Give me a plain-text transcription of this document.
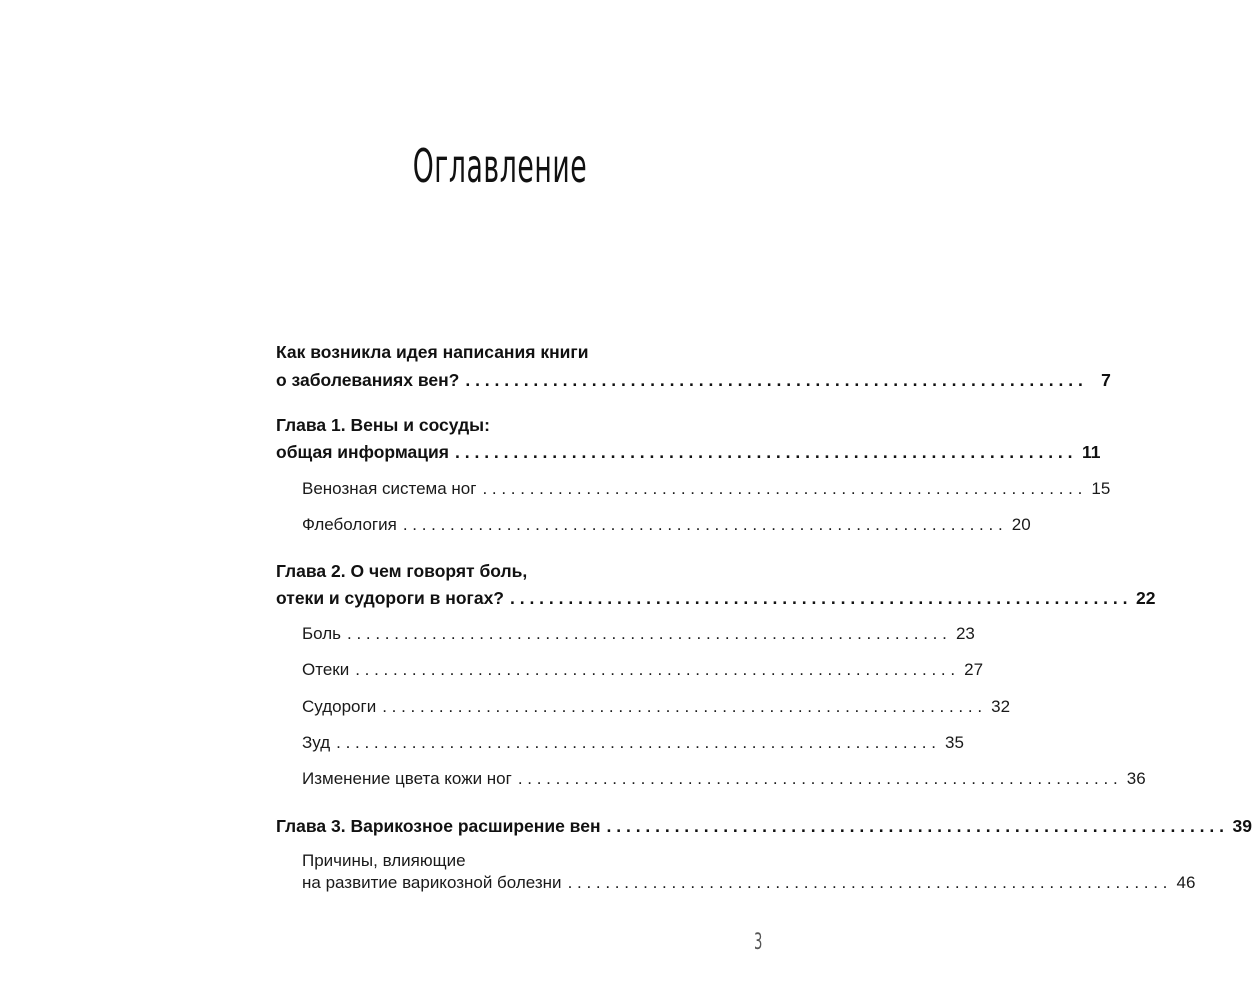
Оглавление
Как возникла идея написания книги
о заболеваниях вен? . . . . . . . . . . . . . . . . . . . . . . . . . . . . . . . . . . . . . . . . . . . . . . . . . . . . . . . . . . . . . . . .	7
Глава 1. Вены и сосуды:
общая информация . . . . . . . . . . . . . . . . . . . . . . . . . . . . . . . . . . . . . . . . . . . . . . . . . . . . . . . . . . . . . . . . 11
Венозная система ног . . . . . . . . . . . . . . . . . . . . . . . . . . . . . . . . . . . . . . . . . . . . . . . . . . . . . . . . . . . . . . . . 15
Флебология . . . . . . . . . . . . . . . . . . . . . . . . . . . . . . . . . . . . . . . . . . . . . . . . . . . . . . . . . . . . . . . . 20
Глава 2. О чем говорят боль,
отеки и судороги в ногах? . . . . . . . . . . . . . . . . . . . . . . . . . . . . . . . . . . . . . . . . . . . . . . . . . . . . . . . . . . . . . . . . 22
Боль . . . . . . . . . . . . . . . . . . . . . . . . . . . . . . . . . . . . . . . . . . . . . . . . . . . . . . . . . . . . . . . . 23
Отеки . . . . . . . . . . . . . . . . . . . . . . . . . . . . . . . . . . . . . . . . . . . . . . . . . . . . . . . . . . . . . . . . 27
Судороги . . . . . . . . . . . . . . . . . . . . . . . . . . . . . . . . . . . . . . . . . . . . . . . . . . . . . . . . . . . . . . . . 32
Зуд . . . . . . . . . . . . . . . . . . . . . . . . . . . . . . . . . . . . . . . . . . . . . . . . . . . . . . . . . . . . . . . . 35
Изменение цвета кожи ног . . . . . . . . . . . . . . . . . . . . . . . . . . . . . . . . . . . . . . . . . . . . . . . . . . . . . . . . . . . . . . . . 36
Глава 3. Варикозное расширение вен . . . . . . . . . . . . . . . . . . . . . . . . . . . . . . . . . . . . . . . . . . . . . . . . . . . . . . . . . . . . . . . . 39
Причины, влияющие
на развитие варикозной болезни . . . . . . . . . . . . . . . . . . . . . . . . . . . . . . . . . . . . . . . . . . . . . . . . . . . . . . . . . . . . . . . . 46
3
